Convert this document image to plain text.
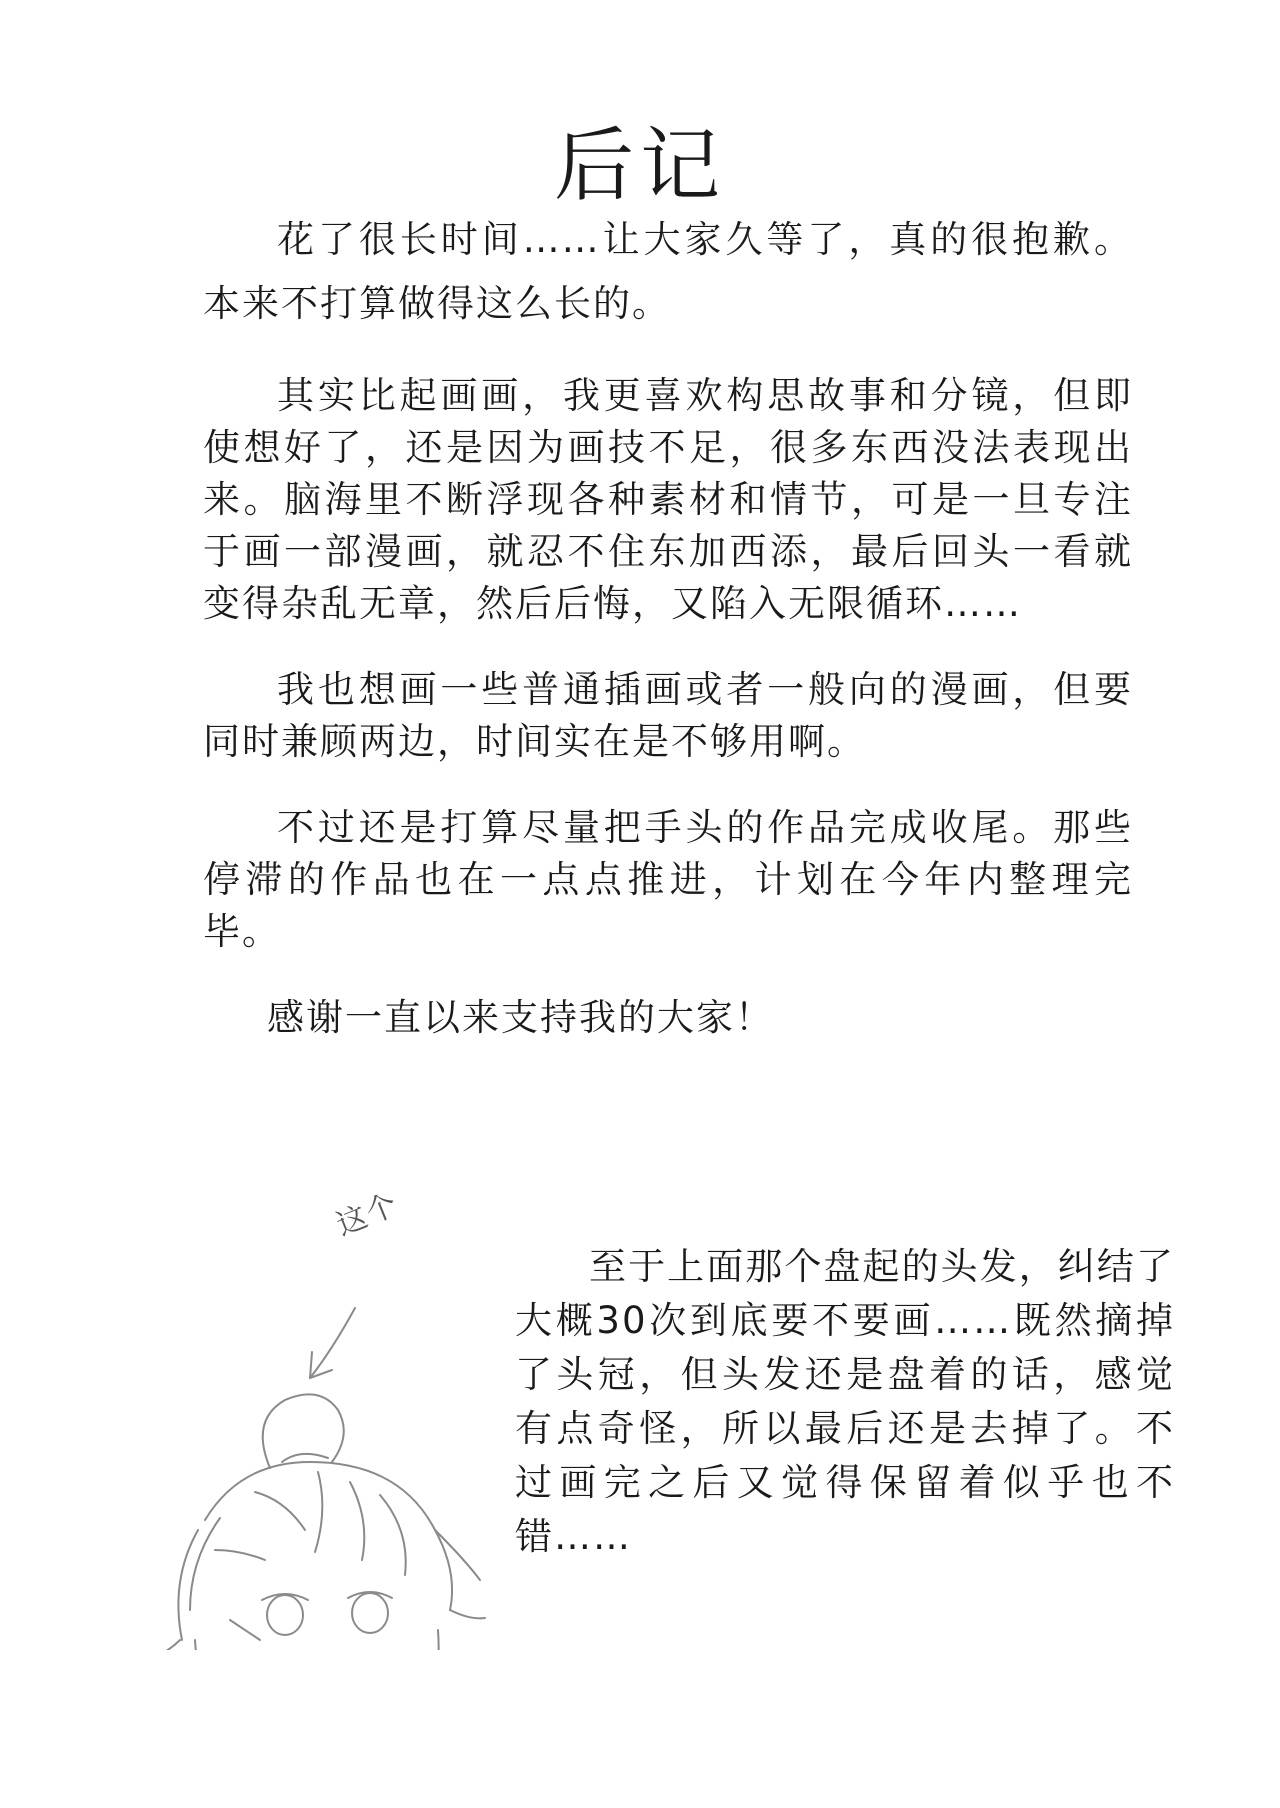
后记

花了很长时间……让大家久等了，真的很抱歉。本来不打算做得这么长的。

其实比起画画，我更喜欢构思故事和分镜，但即使想好了，还是因为画技不足，很多东西没法表现出来。脑海里不断浮现各种素材和情节，可是一旦专注于画一部漫画，就忍不住东加西添，最后回头一看就变得杂乱无章，然后后悔，又陷入无限循环……

我也想画一些普通插画或者一般向的漫画，但要同时兼顾两边，时间实在是不够用啊。

不过还是打算尽量把手头的作品完成收尾。那些停滞的作品也在一点点推进，计划在今年内整理完毕。

感谢一直以来支持我的大家！

这个

至于上面那个盘起的头发，纠结了大概30次到底要不要画……既然摘掉了头冠，但头发还是盘着的话，感觉有点奇怪，所以最后还是去掉了。不过画完之后又觉得保留着似乎也不错……
